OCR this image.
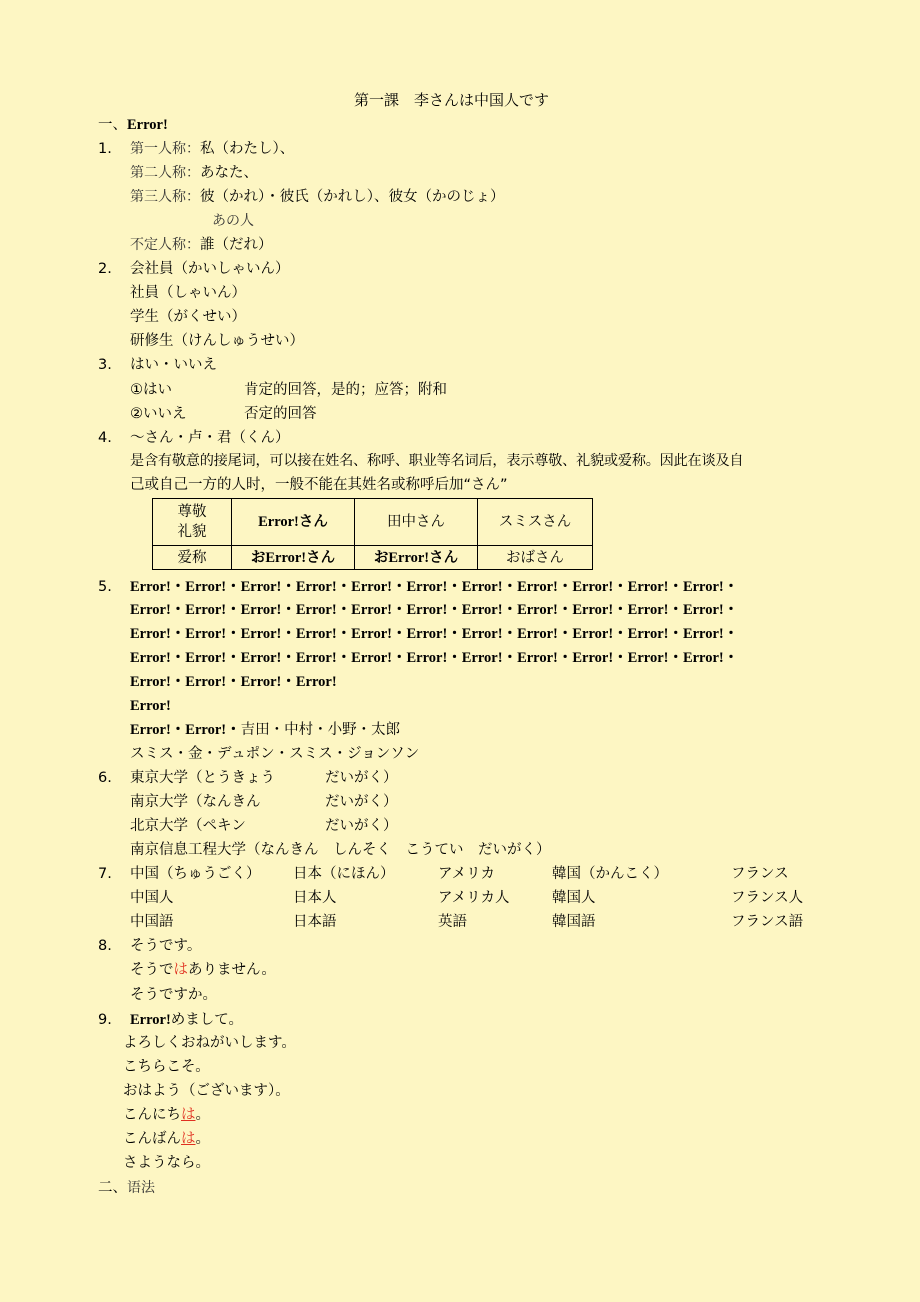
第一課　李さんは中国人です
一、Error!
1. 第一人称：私（わたし）、
第二人称：あなた、
第三人称：彼（かれ）・彼氏（かれし）、彼女（かのじょ）
あの人
不定人称：誰（だれ）
2. 会社員（かいしゃいん）
社員（しゃいん）
学生（がくせい）
研修生（けんしゅうせい）
3. はい・いいえ
①はい	肯定的回答，是的；应答；附和
②いいえ	否定的回答
4. ～さん・卢・君（くん）
是含有敬意的接尾词，可以接在姓名、称呼、职业等名词后，表示尊敬、礼貌或爱称。因此在谈及自
己或自己一方的人时，一般不能在其姓名或称呼后加“さん”
尊敬
礼貌	Error!さん	田中さん	スミスさん
爱称	おError!さん	おError!さん	おばさん
5. Error!・Error!・Error!・Error!・Error!・Error!・Error!・Error!・Error!・Error!・Error!・
Error!・Error!・Error!・Error!・Error!・Error!・Error!・Error!・Error!・Error!・Error!・
Error!・Error!・Error!・Error!・Error!・Error!・Error!・Error!・Error!・Error!・Error!・
Error!・Error!・Error!・Error!・Error!・Error!・Error!・Error!・Error!・Error!・Error!・
Error!・Error!・Error!・Error!
Error!
Error!・Error!・吉田・中村・小野・太郎
スミス・金・デュポン・スミス・ジョンソン
6. 東京大学（とうきょう	だいがく）
南京大学（なんきん	だいがく）
北京大学（ペキン	だいがく）
南京信息工程大学（なんきん　しんそく　こうてい　だいがく）
7. 中国（ちゅうごく） 日本（にほん）	アメリカ	韓国（かんこく）	フランス
中国人	日本人	アメリカ人	韓国人	フランス人
中国語	日本語	英語	韓国語	フランス語
8. そうです。
そうではありません。
そうですか。
9. Error!めまして。
よろしくおねがいします。
こちらこそ。
おはよう（ございます）。
こんにちは。
こんばんは。
さようなら。
二、语法
